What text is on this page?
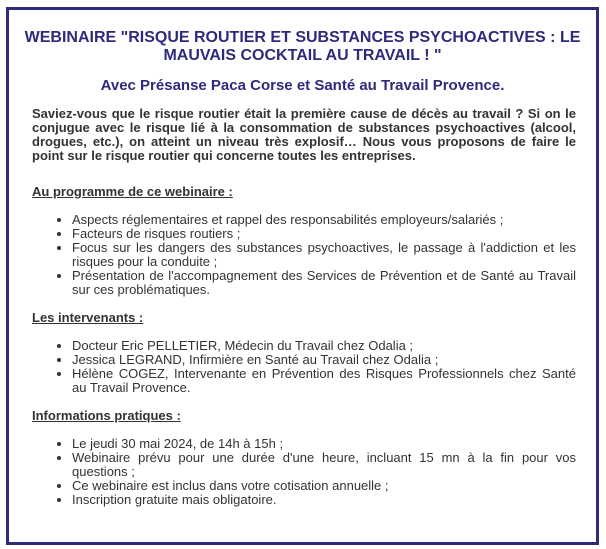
WEBINAIRE "RISQUE ROUTIER ET SUBSTANCES PSYCHOACTIVES : LE MAUVAIS COCKTAIL AU TRAVAIL ! "
Avec Présanse Paca Corse et Santé au Travail Provence.
Saviez-vous que le risque routier était la première cause de décès au travail ? Si on le conjugue avec le risque lié à la consommation de substances psychoactives (alcool, drogues, etc.), on atteint un niveau très explosif… Nous vous proposons de faire le point sur le risque routier qui concerne toutes les entreprises.
Au programme de ce webinaire :
• Aspects réglementaires et rappel des responsabilités employeurs/salariés ;
• Facteurs de risques routiers ;
• Focus sur les dangers des substances psychoactives, le passage à l'addiction et les risques pour la conduite ;
• Présentation de l'accompagnement des Services de Prévention et de Santé au Travail sur ces problématiques.
Les intervenants :
• Docteur Eric PELLETIER, Médecin du Travail chez Odalia ;
• Jessica LEGRAND, Infirmière en Santé au Travail chez Odalia ;
• Hélène COGEZ, Intervenante en Prévention des Risques Professionnels chez Santé au Travail Provence.
Informations pratiques :
• Le jeudi 30 mai 2024, de 14h à 15h ;
• Webinaire prévu pour une durée d'une heure, incluant 15 mn à la fin pour vos questions ;
• Ce webinaire est inclus dans votre cotisation annuelle ;
• Inscription gratuite mais obligatoire.
